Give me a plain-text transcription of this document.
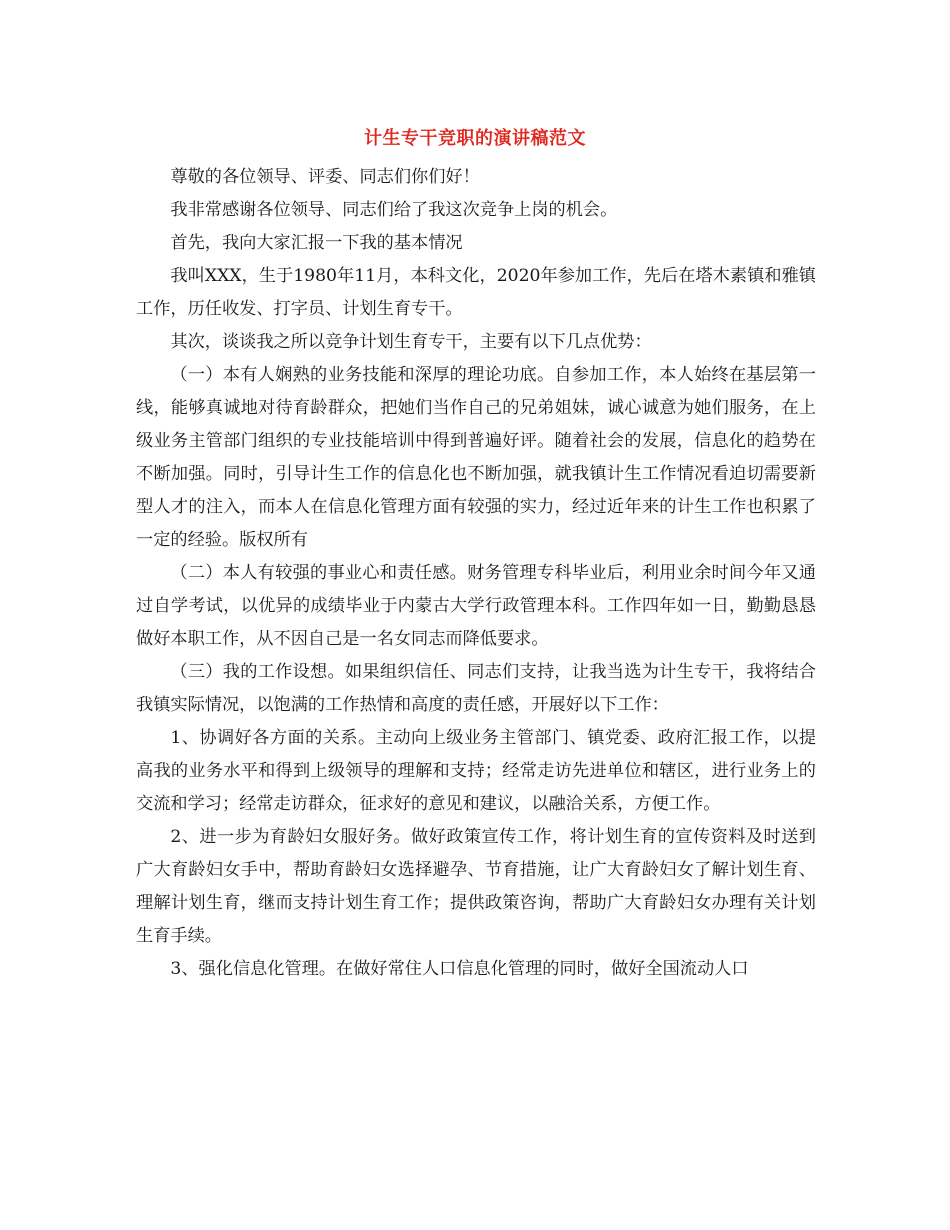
计生专干竞职的演讲稿范文

尊敬的各位领导、评委、同志们你们好！

我非常感谢各位领导、同志们给了我这次竞争上岗的机会。

首先，我向大家汇报一下我的基本情况

我叫XXX，生于1980年11月，本科文化，2020年参加工作，先后在塔木素镇和雅镇工作，历任收发、打字员、计划生育专干。

其次，谈谈我之所以竞争计划生育专干，主要有以下几点优势：

（一）本有人娴熟的业务技能和深厚的理论功底。自参加工作，本人始终在基层第一线，能够真诚地对待育龄群众，把她们当作自己的兄弟姐妹，诚心诚意为她们服务，在上级业务主管部门组织的专业技能培训中得到普遍好评。随着社会的发展，信息化的趋势在不断加强。同时，引导计生工作的信息化也不断加强，就我镇计生工作情况看迫切需要新型人才的注入，而本人在信息化管理方面有较强的实力，经过近年来的计生工作也积累了一定的经验。版权所有

（二）本人有较强的事业心和责任感。财务管理专科毕业后，利用业余时间今年又通过自学考试，以优异的成绩毕业于内蒙古大学行政管理本科。工作四年如一日，勤勤恳恳做好本职工作，从不因自己是一名女同志而降低要求。

（三）我的工作设想。如果组织信任、同志们支持，让我当选为计生专干，我将结合我镇实际情况，以饱满的工作热情和高度的责任感，开展好以下工作：

1、协调好各方面的关系。主动向上级业务主管部门、镇党委、政府汇报工作，以提高我的业务水平和得到上级领导的理解和支持；经常走访先进单位和辖区，进行业务上的交流和学习；经常走访群众，征求好的意见和建议，以融洽关系，方便工作。

2、进一步为育龄妇女服好务。做好政策宣传工作，将计划生育的宣传资料及时送到广大育龄妇女手中，帮助育龄妇女选择避孕、节育措施，让广大育龄妇女了解计划生育、理解计划生育，继而支持计划生育工作；提供政策咨询，帮助广大育龄妇女办理有关计划生育手续。

3、强化信息化管理。在做好常住人口信息化管理的同时，做好全国流动人口
